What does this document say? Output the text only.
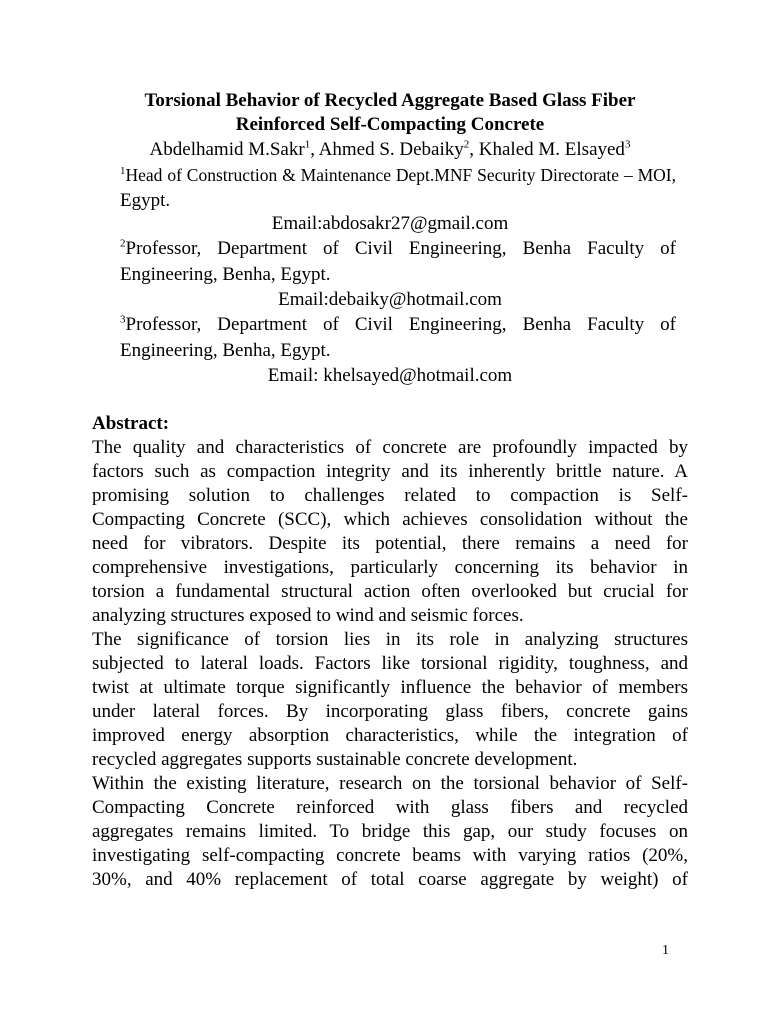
Torsional Behavior of Recycled Aggregate Based Glass Fiber
Reinforced Self-Compacting Concrete
Abdelhamid M.Sakr$^1$, Ahmed S. Debaiky$^2$, Khaled M. Elsayed$^3$
$^1$Head of Construction & Maintenance Dept.MNF Security Directorate – MOI,
Egypt.
Email:abdosakr27@gmail.com
$^2$Professor, Department of Civil Engineering, Benha Faculty of
Engineering, Benha, Egypt.
Email:debaiky@hotmail.com
$^3$Professor, Department of Civil Engineering, Benha Faculty of
Engineering, Benha, Egypt.
Email: khelsayed@hotmail.com
Abstract:
The quality and characteristics of concrete are profoundly impacted by
factors such as compaction integrity and its inherently brittle nature. A
promising solution to challenges related to compaction is Self-
Compacting Concrete (SCC), which achieves consolidation without the
need for vibrators. Despite its potential, there remains a need for
comprehensive investigations, particularly concerning its behavior in
torsion a fundamental structural action often overlooked but crucial for
analyzing structures exposed to wind and seismic forces.
The significance of torsion lies in its role in analyzing structures
subjected to lateral loads. Factors like torsional rigidity, toughness, and
twist at ultimate torque significantly influence the behavior of members
under lateral forces. By incorporating glass fibers, concrete gains
improved energy absorption characteristics, while the integration of
recycled aggregates supports sustainable concrete development.
Within the existing literature, research on the torsional behavior of Self-
Compacting Concrete reinforced with glass fibers and recycled
aggregates remains limited. To bridge this gap, our study focuses on
investigating self-compacting concrete beams with varying ratios (20%,
30%, and 40% replacement of total coarse aggregate by weight) of
1
